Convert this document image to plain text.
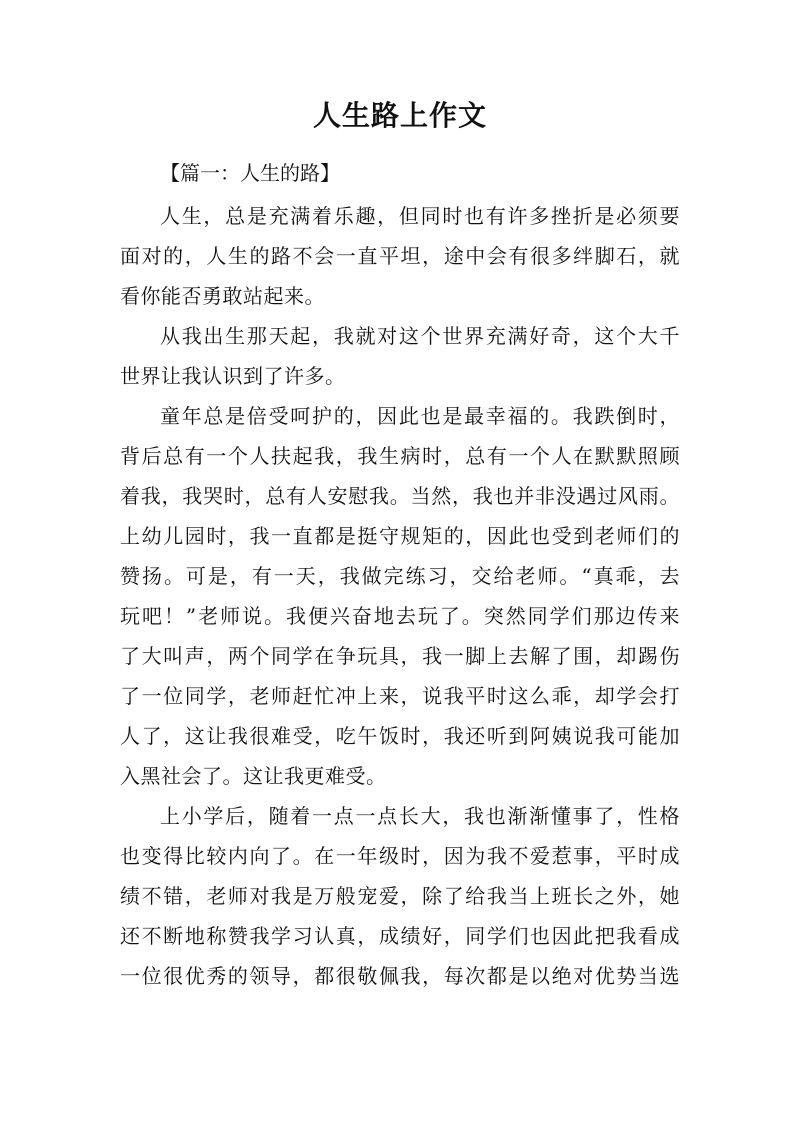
人生路上作文
【篇一：人生的路】
人生，总是充满着乐趣，但同时也有许多挫折是必须要
面对的，人生的路不会一直平坦，途中会有很多绊脚石，就
看你能否勇敢站起来。
从我出生那天起，我就对这个世界充满好奇，这个大千
世界让我认识到了许多。
童年总是倍受呵护的，因此也是最幸福的。我跌倒时，
背后总有一个人扶起我，我生病时，总有一个人在默默照顾
着我，我哭时，总有人安慰我。当然，我也并非没遇过风雨。
上幼儿园时，我一直都是挺守规矩的，因此也受到老师们的
赞扬。可是，有一天，我做完练习，交给老师。“真乖，去
玩吧！”老师说。我便兴奋地去玩了。突然同学们那边传来
了大叫声，两个同学在争玩具，我一脚上去解了围，却踢伤
了一位同学，老师赶忙冲上来，说我平时这么乖，却学会打
人了，这让我很难受，吃午饭时，我还听到阿姨说我可能加
入黑社会了。这让我更难受。
上小学后，随着一点一点长大，我也渐渐懂事了，性格
也变得比较内向了。在一年级时，因为我不爱惹事，平时成
绩不错，老师对我是万般宠爱，除了给我当上班长之外，她
还不断地称赞我学习认真，成绩好，同学们也因此把我看成
一位很优秀的领导，都很敬佩我，每次都是以绝对优势当选
